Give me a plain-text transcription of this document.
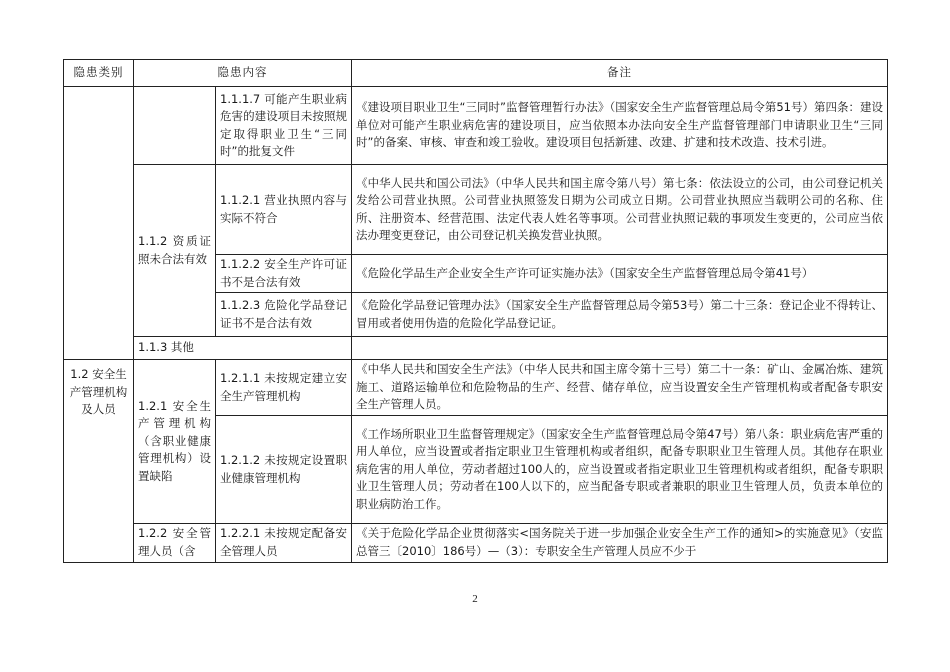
隐患类别	隐患内容		备注
		1.1.1.7 可能产生职业病危害的建设项目未按照规定取得职业卫生“三同时”的批复文件	《建设项目职业卫生“三同时”监督管理暂行办法》（国家安全生产监督管理总局令第51号）第四条：建设单位对可能产生职业病危害的建设项目，应当依照本办法向安全生产监督管理部门申请职业卫生“三同时”的备案、审核、审查和竣工验收。建设项目包括新建、改建、扩建和技术改造、技术引进。
	1.1.2 资质证照未合法有效	1.1.2.1 营业执照内容与实际不符合	《中华人民共和国公司法》（中华人民共和国主席令第八号）第七条：依法设立的公司，由公司登记机关发给公司营业执照。公司营业执照签发日期为公司成立日期。公司营业执照应当载明公司的名称、住所、注册资本、经营范围、法定代表人姓名等事项。公司营业执照记载的事项发生变更的，公司应当依法办理变更登记，由公司登记机关换发营业执照。
		1.1.2.2 安全生产许可证书不是合法有效	《危险化学品生产企业安全生产许可证实施办法》（国家安全生产监督管理总局令第41号）
		1.1.2.3 危险化学品登记证书不是合法有效	《危险化学品登记管理办法》（国家安全生产监督管理总局令第53号）第二十三条：登记企业不得转让、冒用或者使用伪造的危险化学品登记证。
	1.1.3 其他		
1.2 安全生产管理机构及人员	1.2.1 安全生产管理机构（含职业健康管理机构）设置缺陷	1.2.1.1 未按规定建立安全生产管理机构	《中华人民共和国安全生产法》（中华人民共和国主席令第十三号）第二十一条：矿山、金属冶炼、建筑施工、道路运输单位和危险物品的生产、经营、储存单位，应当设置安全生产管理机构或者配备专职安全生产管理人员。
		1.2.1.2 未按规定设置职业健康管理机构	《工作场所职业卫生监督管理规定》（国家安全生产监督管理总局令第47号）第八条：职业病危害严重的用人单位，应当设置或者指定职业卫生管理机构或者组织，配备专职职业卫生管理人员。其他存在职业病危害的用人单位，劳动者超过100人的，应当设置或者指定职业卫生管理机构或者组织，配备专职职业卫生管理人员；劳动者在100人以下的，应当配备专职或者兼职的职业卫生管理人员，负责本单位的职业病防治工作。

	1.2.2 安全管理人员（含	1.2.2.1 未按规定配备安全管理人员	《关于危险化学品企业贯彻落实<国务院关于进一步加强企业安全生产工作的通知>的实施意见》（安监总管三〔2010〕186号）—（3）：专职安全生产管理人员应不少于
2
